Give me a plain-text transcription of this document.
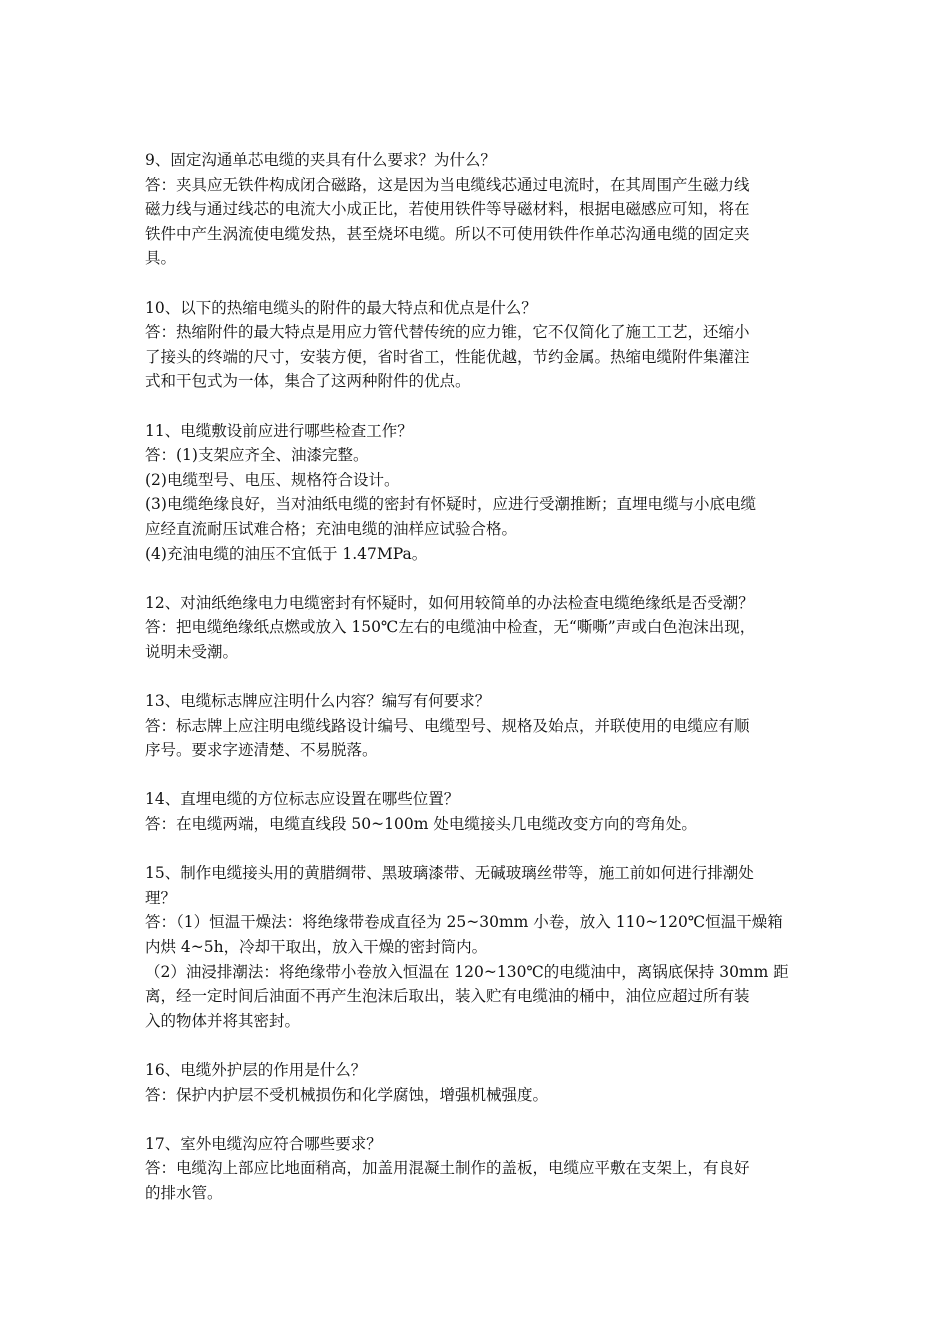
9、固定沟通单芯电缆的夹具有什么要求？为什么？
答：夹具应无铁件构成闭合磁路，这是因为当电缆线芯通过电流时，在其周围产生磁力线
磁力线与通过线芯的电流大小成正比，若使用铁件等导磁材料，根据电磁感应可知，将在
铁件中产生涡流使电缆发热，甚至烧坏电缆。所以不可使用铁件作单芯沟通电缆的固定夹
具。
10、以下的热缩电缆头的附件的最大特点和优点是什么？
答：热缩附件的最大特点是用应力管代替传统的应力锥，它不仅简化了施工工艺，还缩小
了接头的终端的尺寸，安装方便，省时省工，性能优越，节约金属。热缩电缆附件集灌注
式和干包式为一体，集合了这两种附件的优点。
11、电缆敷设前应进行哪些检查工作？
答：(1)支架应齐全、油漆完整。
(2)电缆型号、电压、规格符合设计。
(3)电缆绝缘良好，当对油纸电缆的密封有怀疑时，应进行受潮推断；直埋电缆与小底电缆
应经直流耐压试难合格；充油电缆的油样应试验合格。
(4)充油电缆的油压不宜低于 1.47MPa。
12、对油纸绝缘电力电缆密封有怀疑时，如何用较简单的办法检查电缆绝缘纸是否受潮？
答：把电缆绝缘纸点燃或放入 150℃左右的电缆油中检查，无“嘶嘶”声或白色泡沫出现，
说明未受潮。
13、电缆标志牌应注明什么内容？编写有何要求？
答：标志牌上应注明电缆线路设计编号、电缆型号、规格及始点，并联使用的电缆应有顺
序号。要求字迹清楚、不易脱落。
14、直埋电缆的方位标志应设置在哪些位置？
答：在电缆两端，电缆直线段 50~100m 处电缆接头几电缆改变方向的弯角处。
15、制作电缆接头用的黄腊绸带、黑玻璃漆带、无碱玻璃丝带等，施工前如何进行排潮处
理？
答：（1）恒温干燥法：将绝缘带卷成直径为 25~30mm 小卷，放入 110~120℃恒温干燥箱
内烘 4~5h，冷却干取出，放入干燥的密封筒内。
（2）油浸排潮法：将绝缘带小卷放入恒温在 120~130℃的电缆油中，离锅底保持 30mm 距
离，经一定时间后油面不再产生泡沫后取出，装入贮有电缆油的桶中，油位应超过所有装
入的物体并将其密封。
16、电缆外护层的作用是什么？
答：保护内护层不受机械损伤和化学腐蚀，增强机械强度。
17、室外电缆沟应符合哪些要求？
答：电缆沟上部应比地面稍高，加盖用混凝土制作的盖板，电缆应平敷在支架上，有良好
的排水管。
